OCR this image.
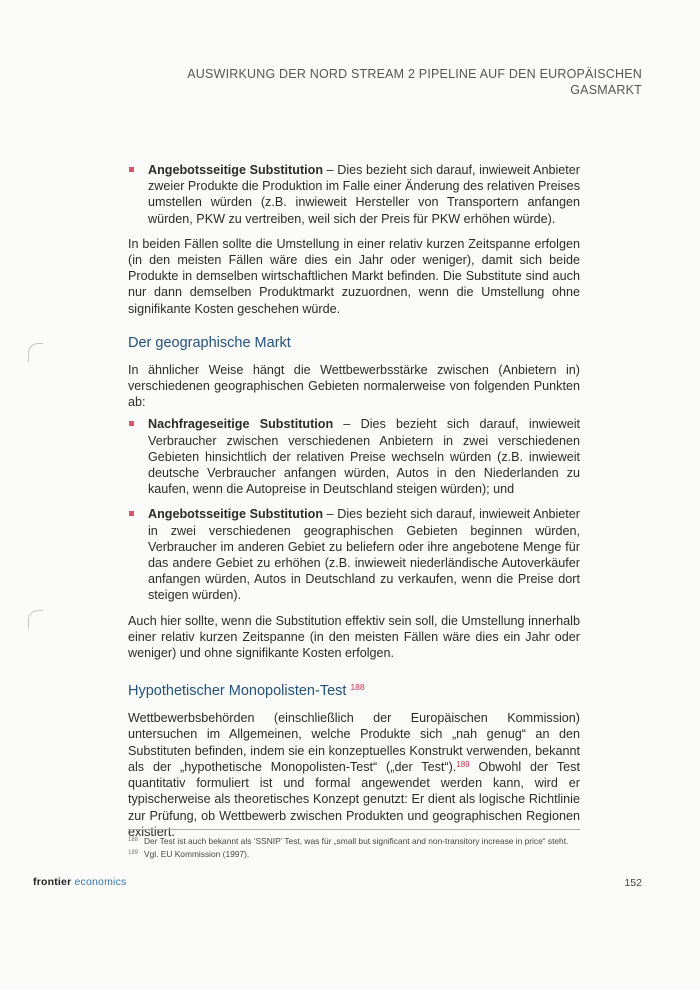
AUSWIRKUNG DER NORD STREAM 2 PIPELINE AUF DEN EUROPÄISCHEN
GASMARKT
Angebotsseitige Substitution – Dies bezieht sich darauf, inwieweit Anbieter zweier Produkte die Produktion im Falle einer Änderung des relativen Preises umstellen würden (z.B. inwieweit Hersteller von Transportern anfangen würden, PKW zu vertreiben, weil sich der Preis für PKW erhöhen würde).

In beiden Fällen sollte die Umstellung in einer relativ kurzen Zeitspanne erfolgen (in den meisten Fällen wäre dies ein Jahr oder weniger), damit sich beide Produkte in demselben wirtschaftlichen Markt befinden. Die Substitute sind auch nur dann demselben Produktmarkt zuzuordnen, wenn die Umstellung ohne signifikante Kosten geschehen würde.

Der geographische Markt

In ähnlicher Weise hängt die Wettbewerbsstärke zwischen (Anbietern in) verschiedenen geographischen Gebieten normalerweise von folgenden Punkten ab:

Nachfrageseitige Substitution – Dies bezieht sich darauf, inwieweit Verbraucher zwischen verschiedenen Anbietern in zwei verschiedenen Gebieten hinsichtlich der relativen Preise wechseln würden (z.B. inwieweit deutsche Verbraucher anfangen würden, Autos in den Niederlanden zu kaufen, wenn die Autopreise in Deutschland steigen würden); und
Angebotsseitige Substitution – Dies bezieht sich darauf, inwieweit Anbieter in zwei verschiedenen geographischen Gebieten beginnen würden, Verbraucher im anderen Gebiet zu beliefern oder ihre angebotene Menge für das andere Gebiet zu erhöhen (z.B. inwieweit niederländische Autoverkäufer anfangen würden, Autos in Deutschland zu verkaufen, wenn die Preise dort steigen würden).

Auch hier sollte, wenn die Substitution effektiv sein soll, die Umstellung innerhalb einer relativ kurzen Zeitspanne (in den meisten Fällen wäre dies ein Jahr oder weniger) und ohne signifikante Kosten erfolgen.

Hypothetischer Monopolisten-Test $^{188}$

Wettbewerbsbehörden (einschließlich der Europäischen Kommission) untersuchen im Allgemeinen, welche Produkte sich „nah genug“ an den Substituten befinden, indem sie ein konzeptuelles Konstrukt verwenden, bekannt als der „hypothetische Monopolisten-Test“ („der Test“).$^{189}$ Obwohl der Test quantitativ formuliert ist und formal angewendet werden kann, wird er typischerweise als theoretisches Konzept genutzt: Er dient als logische Richtlinie zur Prüfung, ob Wettbewerb zwischen Produkten und geographischen Regionen existiert.

188 Der Test ist auch bekannt als ‘SSNIP’ Test, was für „small but significant and non-transitory increase in price“ steht.
189 Vgl. EU Kommission (1997).
frontier economics	152
